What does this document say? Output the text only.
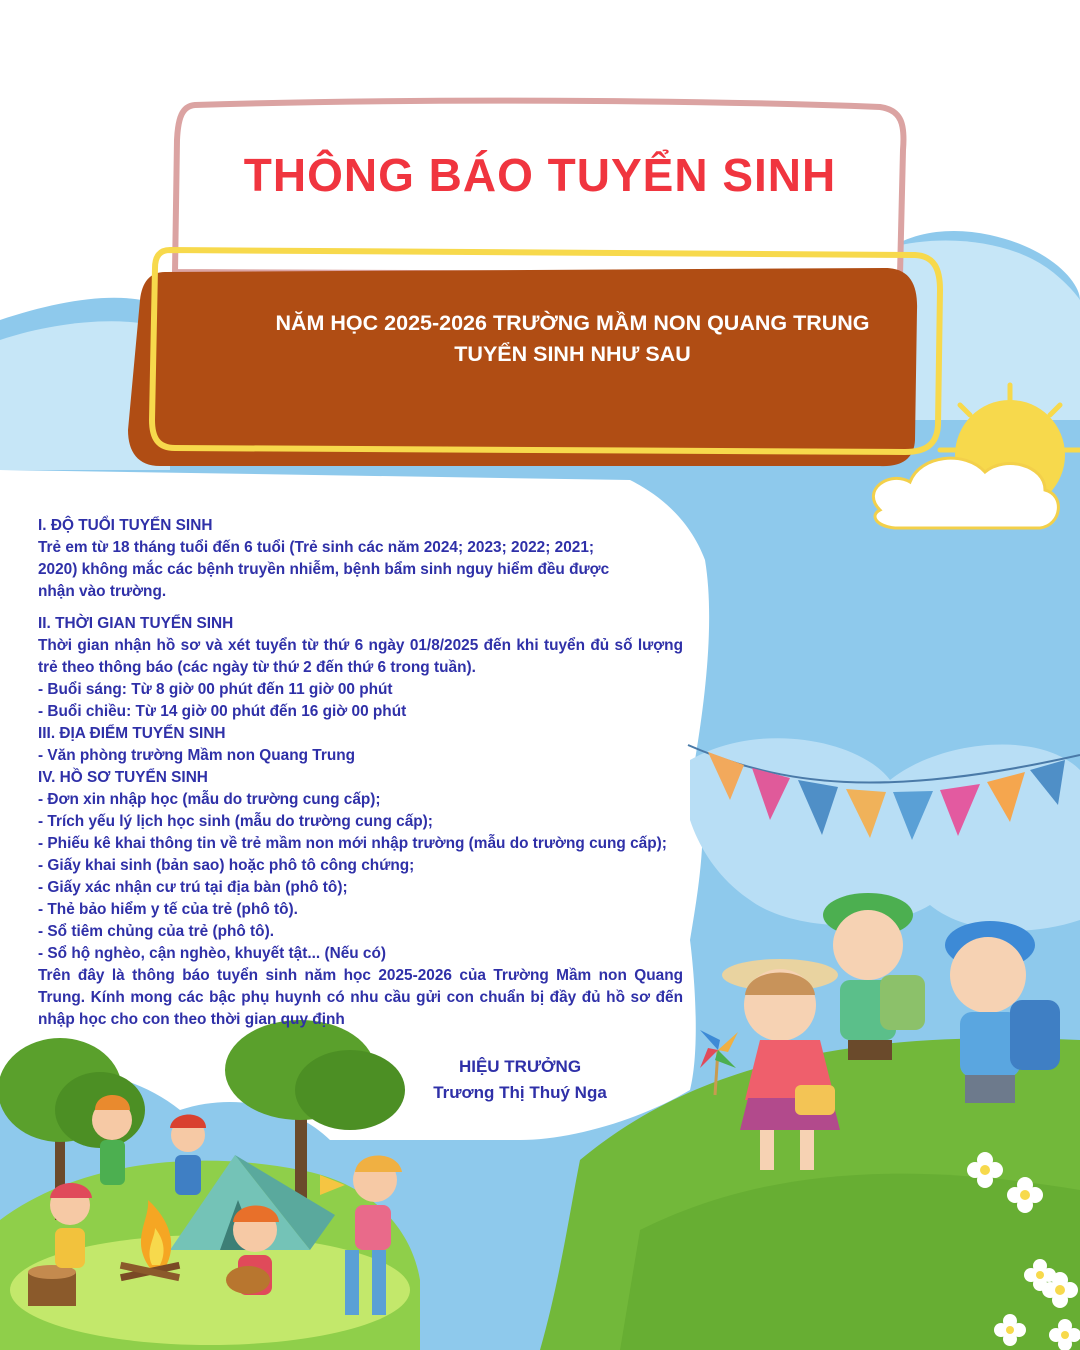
THÔNG BÁO TUYỂN SINH
NĂM HỌC 2025-2026 TRƯỜNG MẦM NON QUANG TRUNG
TUYỂN SINH NHƯ SAU
I. ĐỘ TUỔI TUYỂN SINH
Trẻ em từ 18 tháng tuổi đến 6 tuổi (Trẻ sinh các năm 2024; 2023; 2022; 2021; 2020) không mắc các bệnh truyền nhiễm, bệnh bẩm sinh nguy hiểm đều được nhận vào trường.
II. THỜI GIAN TUYỂN SINH
Thời gian nhận hồ sơ và xét tuyển từ thứ 6 ngày 01/8/2025 đến khi tuyển đủ số lượng trẻ theo thông báo (các ngày từ thứ 2 đến thứ 6 trong tuần).
- Buổi sáng: Từ 8 giờ 00 phút đến 11 giờ 00 phút
- Buổi chiều: Từ 14 giờ 00 phút đến 16 giờ 00 phút
III. ĐỊA ĐIỂM TUYỂN SINH
- Văn phòng trường Mầm non Quang Trung
IV. HỒ SƠ TUYỂN SINH
- Đơn xin nhập học (mẫu do trường cung cấp);
- Trích yếu lý lịch học sinh (mẫu do trường cung cấp);
- Phiếu kê khai thông tin về trẻ mầm non mới nhập trường (mẫu do trường cung cấp);
- Giấy khai sinh (bản sao) hoặc phô tô công chứng;
- Giấy xác nhận cư trú tại địa bàn (phô tô);
- Thẻ bảo hiểm y tế của trẻ (phô tô).
- Sổ tiêm chủng của trẻ (phô tô).
- Sổ hộ nghèo, cận nghèo, khuyết tật... (Nếu có)
Trên đây là thông báo tuyển sinh năm học 2025-2026 của Trường Mầm non Quang Trung. Kính mong các bậc phụ huynh có nhu cầu gửi con chuẩn bị đầy đủ hồ sơ đến nhập học cho con theo thời gian quy định
HIỆU TRƯỞNG
Trương Thị Thuý Nga
